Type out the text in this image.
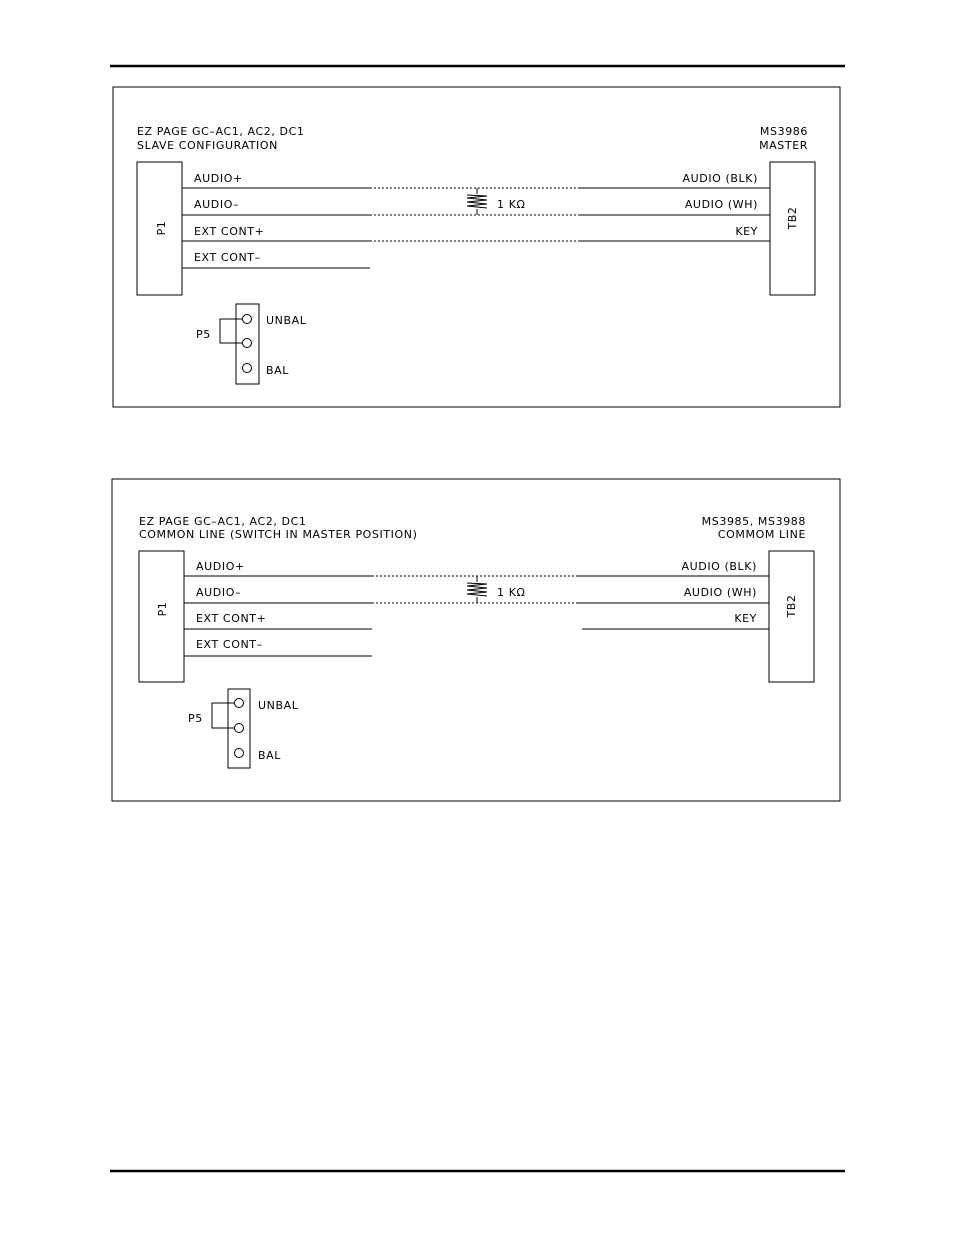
EZ PAGE GC–AC1, AC2, DC1
SLAVE CONFIGURATION
MS3986
MASTER
P1	TB2
1 KΩ
AUDIO+
AUDIO–
EXT CONT+
EXT CONT–
AUDIO (BLK)
AUDIO (WH)
KEY
P5
UNBAL
BAL
EZ PAGE GC–AC1, AC2, DC1
COMMON LINE (SWITCH IN MASTER POSITION)
MS3985, MS3988
COMMOM LINE
P1	TB2
1 KΩ
AUDIO+
AUDIO–
EXT CONT+
EXT CONT–
AUDIO (BLK)
AUDIO (WH)
KEY
P5
UNBAL
BAL
